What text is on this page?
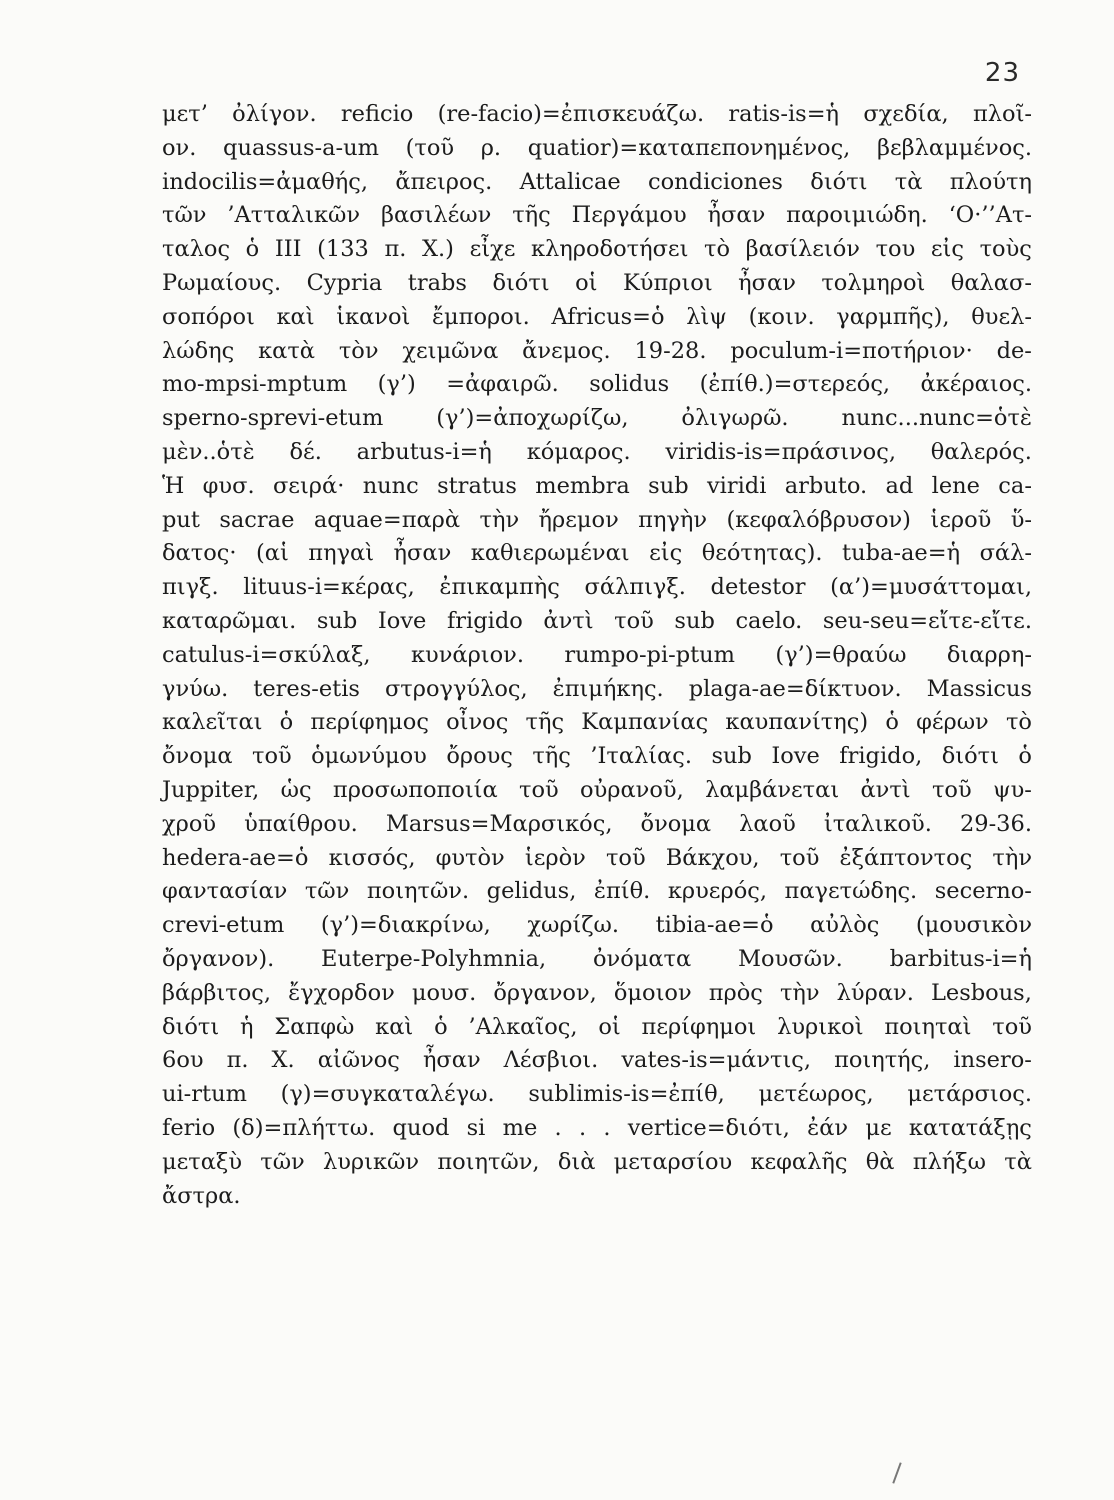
23
μετ’ ὀλίγον. reficio (re-facio)=ἐπισκευάζω. ratis-is=ἡ σχεδία, πλοῖ-
ον. quassus-a-um (τοῦ ρ. quatior)=καταπεπονημένος, βεβλαμμένος.
indocilis=ἀμαθής, ἄπειρος. Attalicae condiciones διότι τὰ πλούτη
τῶν ’Ατταλικῶν βασιλέων τῆς Περγάμου ἦσαν παροιμιώδη. ‘Ο·’’Ατ-
ταλος ὁ ΙΙΙ (133 π. Χ.) εἶχε κληροδοτήσει τὸ βασίλειόν του εἰς τοὺς
Ρωμαίους. Cypria trabs διότι οἱ Κύπριοι ἦσαν τολμηροὶ θαλασ-
σοπόροι καὶ ἱκανοὶ ἔμποροι. Africus=ὁ λὶψ (κοιν. γαρμπῆς), θυελ-
λώδης κατὰ τὸν χειμῶνα ἄνεμος. 19-28. poculum-i=ποτήριον· de-
mo-mpsi-mptum (γ’) =ἀφαιρῶ. solidus (ἐπίθ.)=στερεός, ἀκέραιος.
sperno-sprevi-etum (γ’)=ἀποχωρίζω, ὀλιγωρῶ. nunc...nunc=ὁτὲ
μὲν..ὁτὲ δέ. arbutus-i=ἡ κόμαρος. viridis-is=πράσινος, θαλερός.
Ἡ φυσ. σειρά· nunc stratus membra sub viridi arbuto. ad lene ca-
put sacrae aquae=παρὰ τὴν ἤρεμον πηγὴν (κεφαλόβρυσον) ἱεροῦ ὕ-
δατος· (αἱ πηγαὶ ἦσαν καθιερωμέναι εἰς θεότητας). tuba-ae=ἡ σάλ-
πιγξ. lituus-i=κέρας, ἐπικαμπὴς σάλπιγξ. detestor (α’)=μυσάττομαι,
καταρῶμαι. sub Iove frigido ἀντὶ τοῦ sub caelo. seu-seu=εἴτε-εἴτε.
catulus-i=σκύλαξ, κυνάριον. rumpo-pi-ptum (γ’)=θραύω διαρρη-
γνύω. teres-etis στρογγύλος, ἐπιμήκης. plaga-ae=δίκτυον. Massicus
καλεῖται ὁ περίφημος οἶνος τῆς Καμπανίας καυπανίτης) ὁ φέρων τὸ
ὄνομα τοῦ ὁμωνύμου ὄρους τῆς ’Ιταλίας. sub Iove frigido, διότι ὁ
Juppiter, ὡς προσωποποιία τοῦ οὐρανοῦ, λαμβάνεται ἀντὶ τοῦ ψυ-
χροῦ ὑπαίθρου. Marsus=Μαρσικός, ὄνομα λαοῦ ἰταλικοῦ. 29-36.
hedera-ae=ὁ κισσός, φυτὸν ἱερὸν τοῦ Βάκχου, τοῦ ἐξάπτοντος τὴν
φαντασίαν τῶν ποιητῶν. gelidus, ἐπίθ. κρυερός, παγετώδης. secerno-
crevi-etum (γ’)=διακρίνω, χωρίζω. tibia-ae=ὁ αὐλὸς (μουσικὸν
ὄργανον). Euterpe-Polyhmnia, ὀνόματα Μουσῶν. barbitus-i=ἡ
βάρβιτος, ἔγχορδον μουσ. ὄργανον, ὅμοιον πρὸς τὴν λύραν. Lesbous,
διότι ἡ Σαπφὼ καὶ ὁ ’Αλκαῖος, οἱ περίφημοι λυρικοὶ ποιηταὶ τοῦ
6ου π. Χ. αἰῶνος ἦσαν Λέσβιοι. vates-is=μάντις, ποιητής, insero-
ui-rtum (γ)=συγκαταλέγω. sublimis-is=ἐπίθ, μετέωρος, μετάρσιος.
ferio (δ)=πλήττω. quod si me . . . vertice=διότι, ἐάν με κατατάξῃς
μεταξὺ τῶν λυρικῶν ποιητῶν, διὰ μεταρσίου κεφαλῆς θὰ πλήξω τὰ
ἄστρα.
